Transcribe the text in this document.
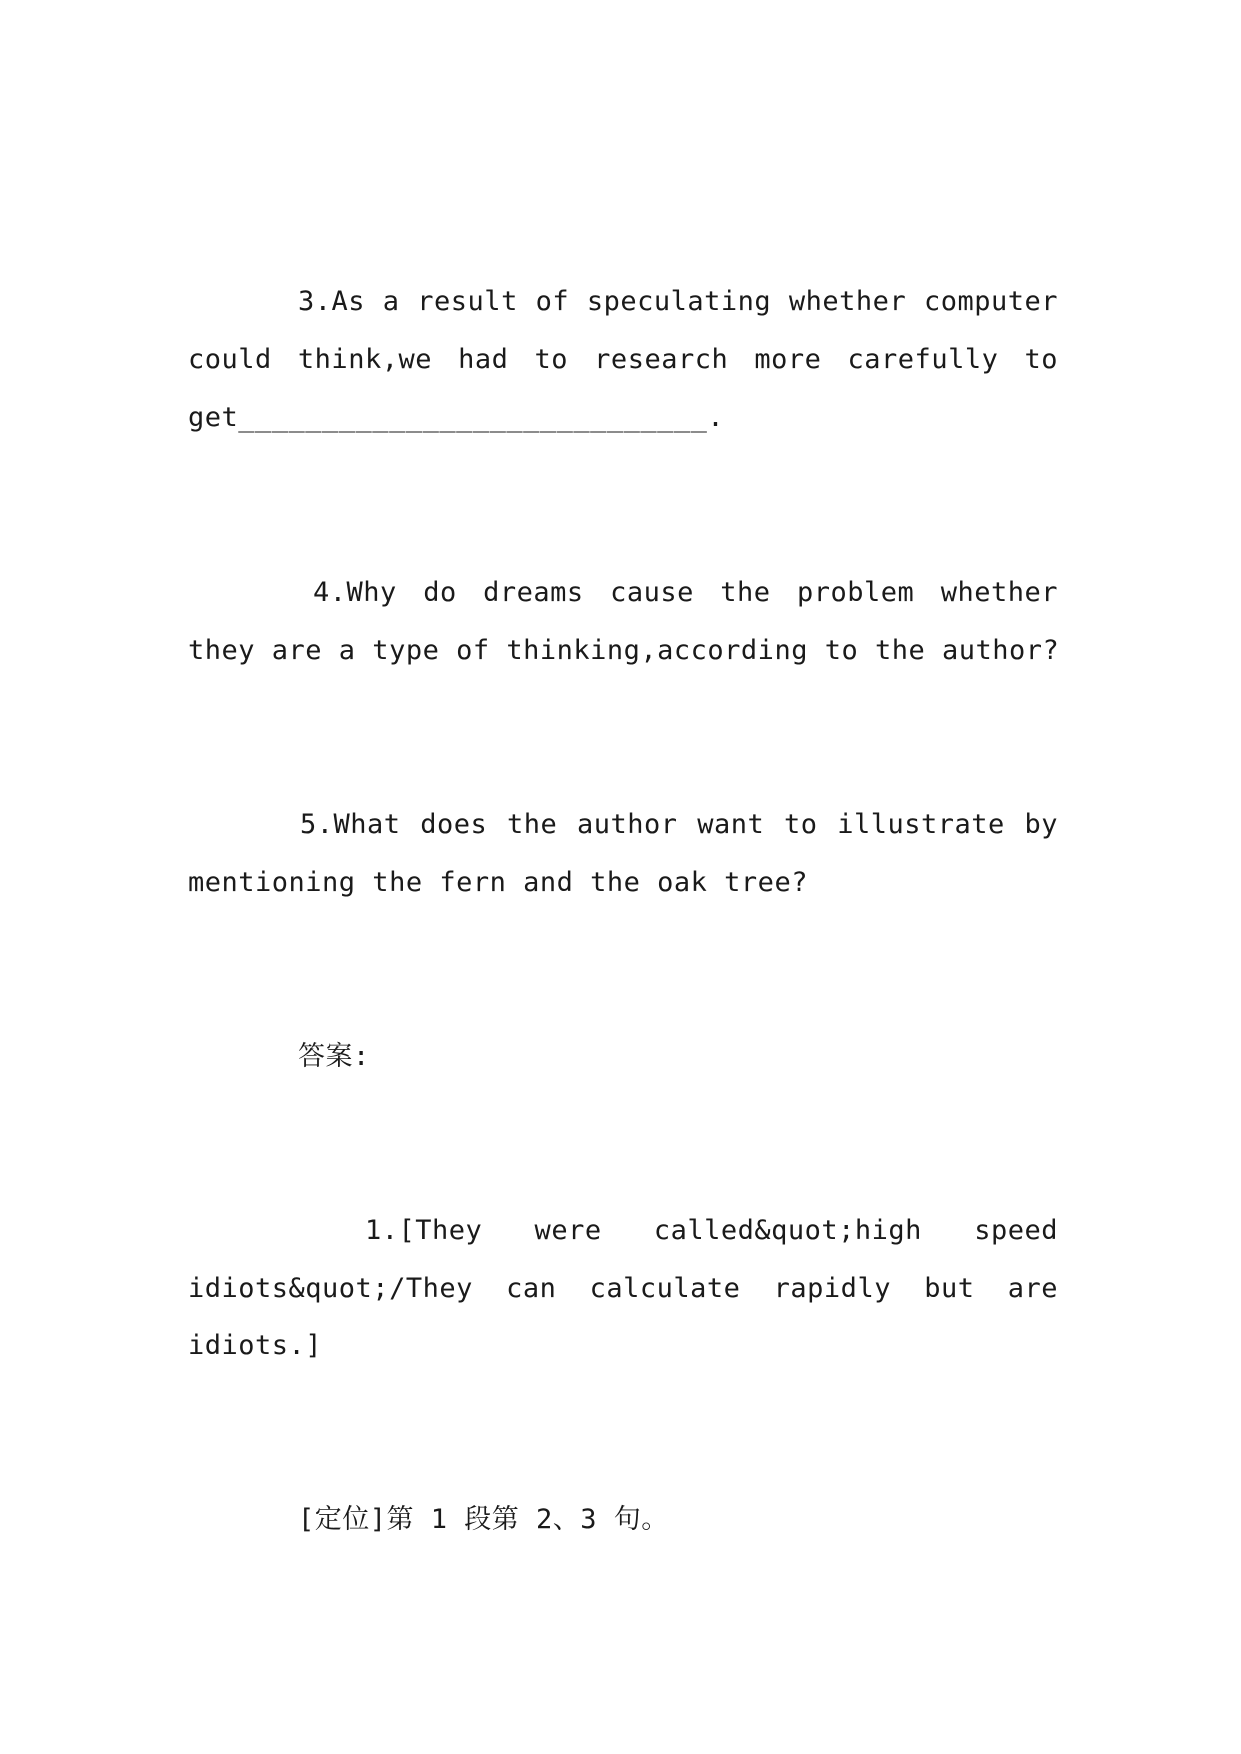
3.As a result of speculating whether computer
could think,we had to research more carefully to
get____________________________.
4.Why do dreams cause the problem whether
they are a type of thinking,according to the author?
5.What does the author want to illustrate by
mentioning the fern and the oak tree?
答案:
1.[They were called&quot;high speed
idiots&quot;/They can calculate rapidly but are
idiots.]
[定位]第 1 段第 2、3 句。
